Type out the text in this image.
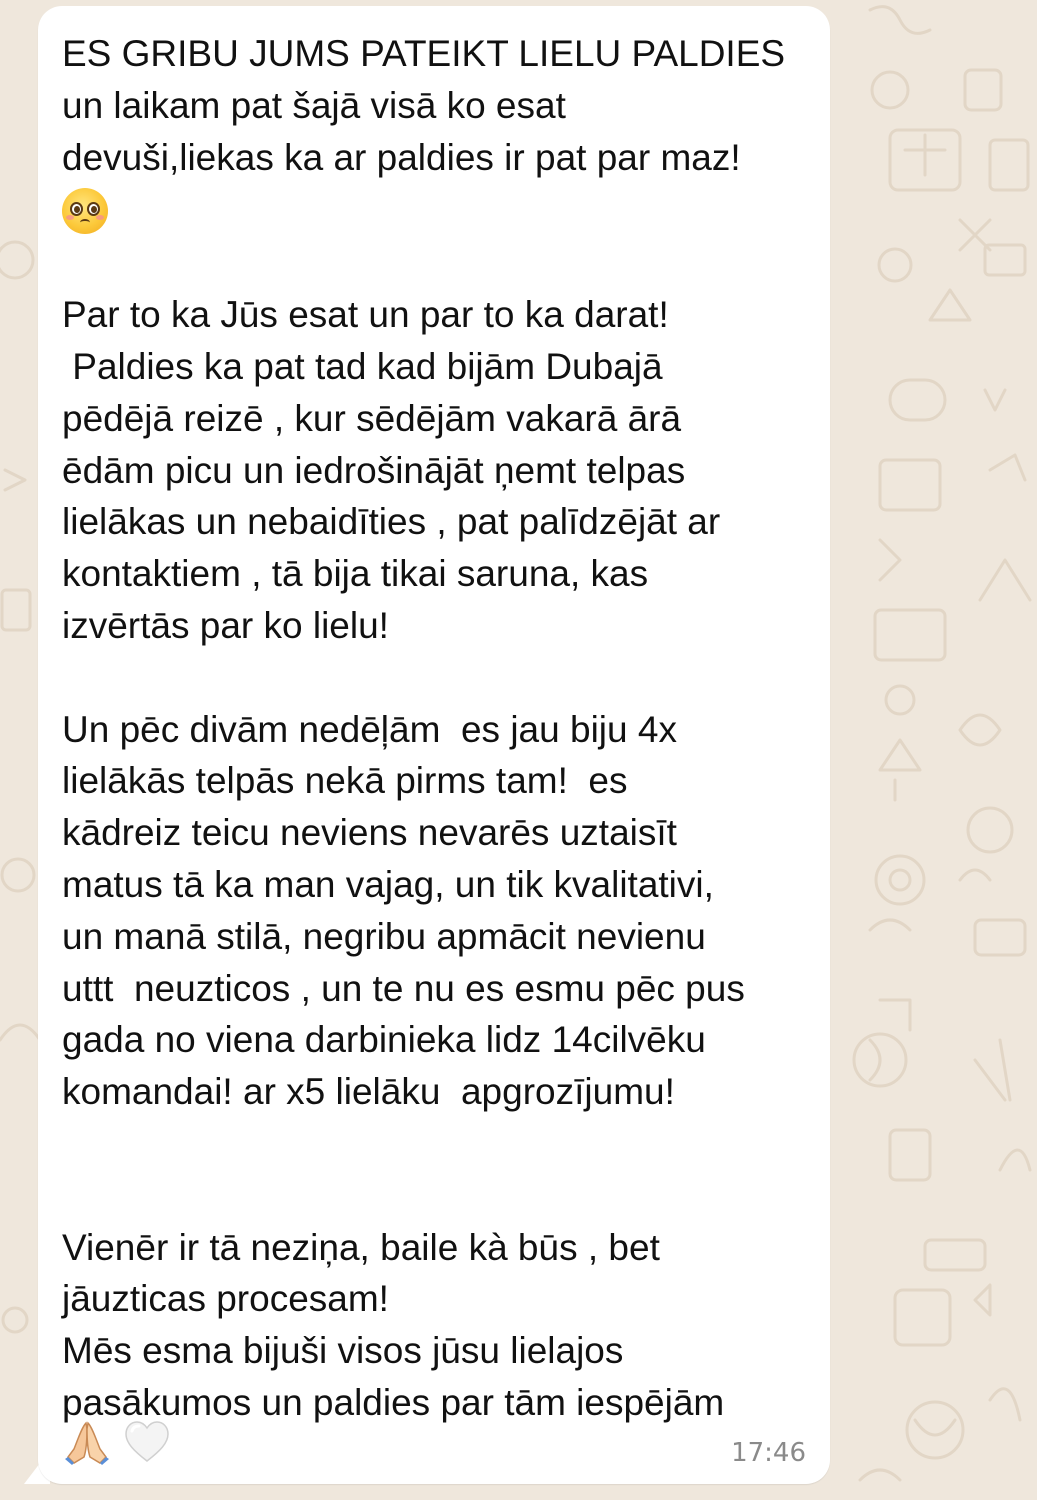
ES GRIBU JUMS PATEIKT LIELU PALDIES

un laikam pat šajā visā ko esat

devuši,liekas ka ar paldies ir pat par maz!

Par to ka Jūs esat un par to ka darat!

Paldies ka pat tad kad bijām Dubajā

pēdējā reizē , kur sēdējām vakarā ārā

ēdām picu un iedrošinājāt ņemt telpas

lielākas un nebaidīties , pat palīdzējāt ar

kontaktiem , tā bija tikai saruna, kas

izvērtās par ko lielu!

Un pēc divām nedēļām  es jau biju 4x

lielākās telpās nekā pirms tam!  es

kādreiz teicu neviens nevarēs uztaisīt

matus tā ka man vajag, un tik kvalitativi,

un manā stilā, negribu apmācit nevienu

uttt  neuzticos , un te nu es esmu pēc pus

gada no viena darbinieka lidz 14cilvēku

komandai! ar x5 lielāku  apgrozījumu!

Vienēr ir tā neziņa, baile kà būs , bet

jāuzticas procesam!

Mēs esma bijuši visos jūsu lielajos

pasākumos un paldies par tām iespējām

17:46
